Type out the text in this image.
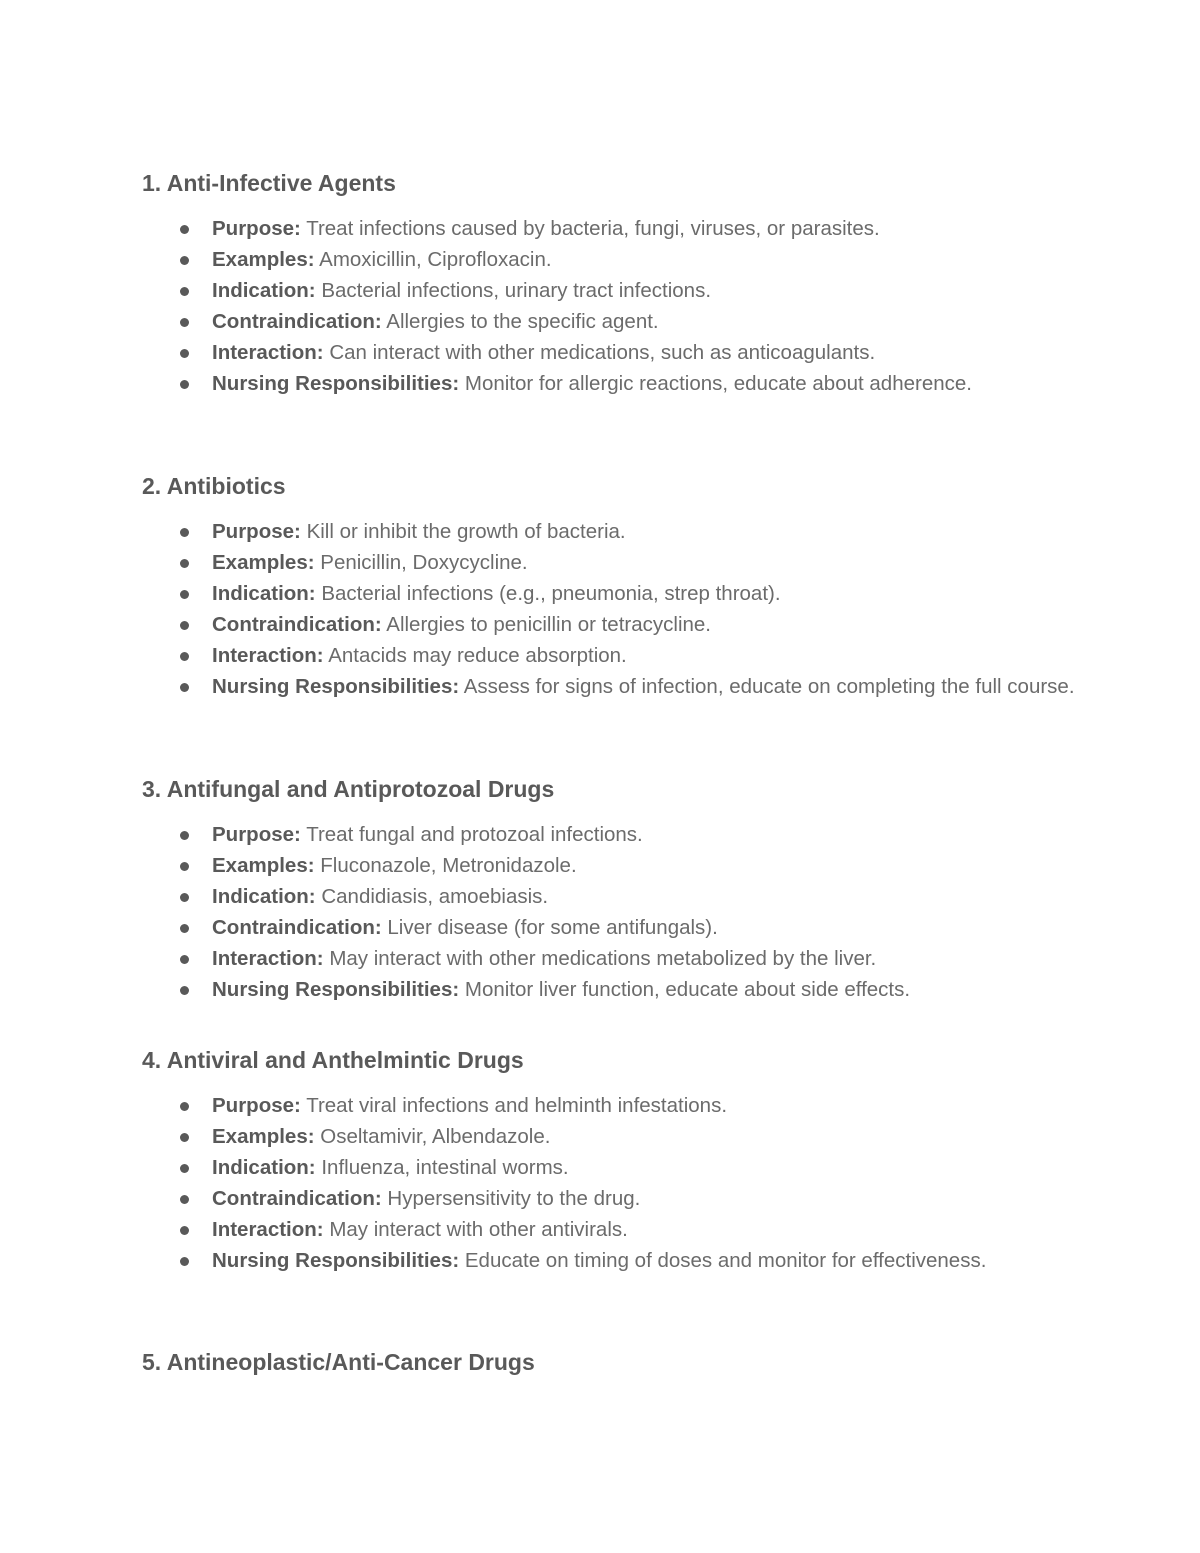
1. Anti-Infective Agents
Purpose: Treat infections caused by bacteria, fungi, viruses, or parasites.
Examples: Amoxicillin, Ciprofloxacin.
Indication: Bacterial infections, urinary tract infections.
Contraindication: Allergies to the specific agent.
Interaction: Can interact with other medications, such as anticoagulants.
Nursing Responsibilities: Monitor for allergic reactions, educate about adherence.
2. Antibiotics
Purpose: Kill or inhibit the growth of bacteria.
Examples: Penicillin, Doxycycline.
Indication: Bacterial infections (e.g., pneumonia, strep throat).
Contraindication: Allergies to penicillin or tetracycline.
Interaction: Antacids may reduce absorption.
Nursing Responsibilities: Assess for signs of infection, educate on completing the full course.
3. Antifungal and Antiprotozoal Drugs
Purpose: Treat fungal and protozoal infections.
Examples: Fluconazole, Metronidazole.
Indication: Candidiasis, amoebiasis.
Contraindication: Liver disease (for some antifungals).
Interaction: May interact with other medications metabolized by the liver.
Nursing Responsibilities: Monitor liver function, educate about side effects.
4. Antiviral and Anthelmintic Drugs
Purpose: Treat viral infections and helminth infestations.
Examples: Oseltamivir, Albendazole.
Indication: Influenza, intestinal worms.
Contraindication: Hypersensitivity to the drug.
Interaction: May interact with other antivirals.
Nursing Responsibilities: Educate on timing of doses and monitor for effectiveness.
5. Antineoplastic/Anti-Cancer Drugs
